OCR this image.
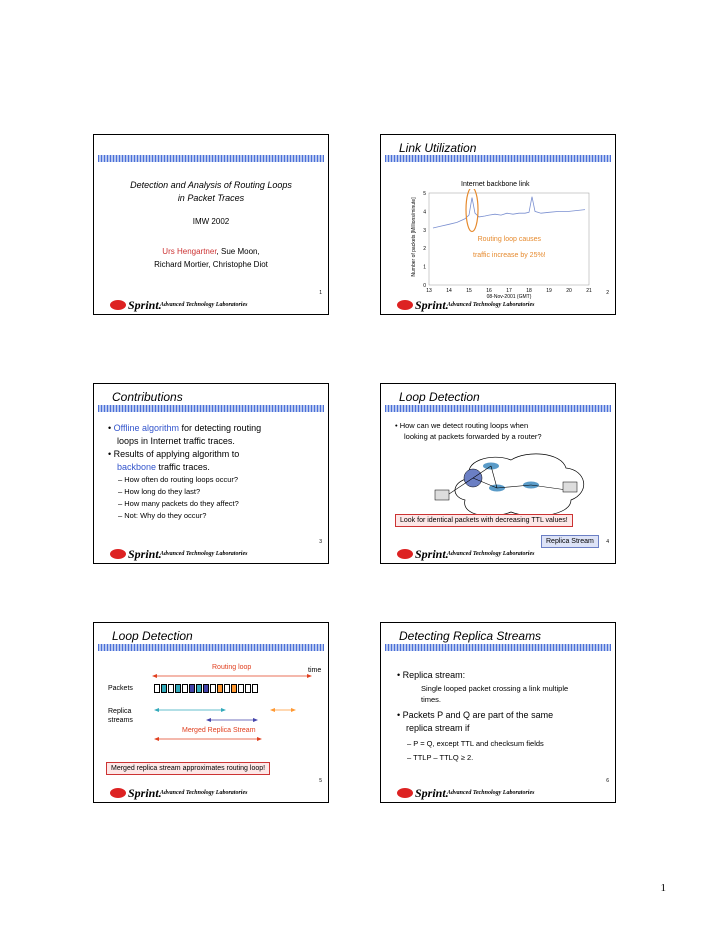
Detection and Analysis of Routing Loops
in Packet Traces
IMW 2002
Urs Hengartner, Sue Moon,
Richard Mortier, Christophe Diot
1
Sprint.
Advanced Technology Laboratories
Link Utilization
Internet backbone link
Number of packets [Millions/minute]
0
1
2
3
4
5
13	14	15	16	17	18	19	20	21
08-Nov-2001 (GMT)
Routing loop causes
traffic increase by 25%!
2
Sprint.
Advanced Technology Laboratories
Contributions
• Offline algorithm for detecting routing
loops in Internet traffic traces.
• Results of applying algorithm to
backbone traffic traces.
– How often do routing loops occur?
– How long do they last?
– How many packets do they affect?
– Not: Why do they occur?
3
Sprint.
Advanced Technology Laboratories
Loop Detection
• How can we detect routing loops when
looking at packets forwarded by a router?
Look for identical packets with decreasing TTL values!
Replica Stream	4
Sprint.
Advanced Technology Laboratories
Loop Detection
Routing loop	time
Packets
Replica
streams
Merged Replica Stream
Merged replica stream approximates routing loop!
5
Sprint.
Advanced Technology Laboratories
Detecting Replica Streams
• Replica stream:
Single looped packet crossing a link multiple
times.
• Packets P and Q are part of the same
replica stream if
– P = Q, except TTL and checksum fields
– TTLP – TTLQ ≥ 2.
6
Sprint.
Advanced Technology Laboratories
1
